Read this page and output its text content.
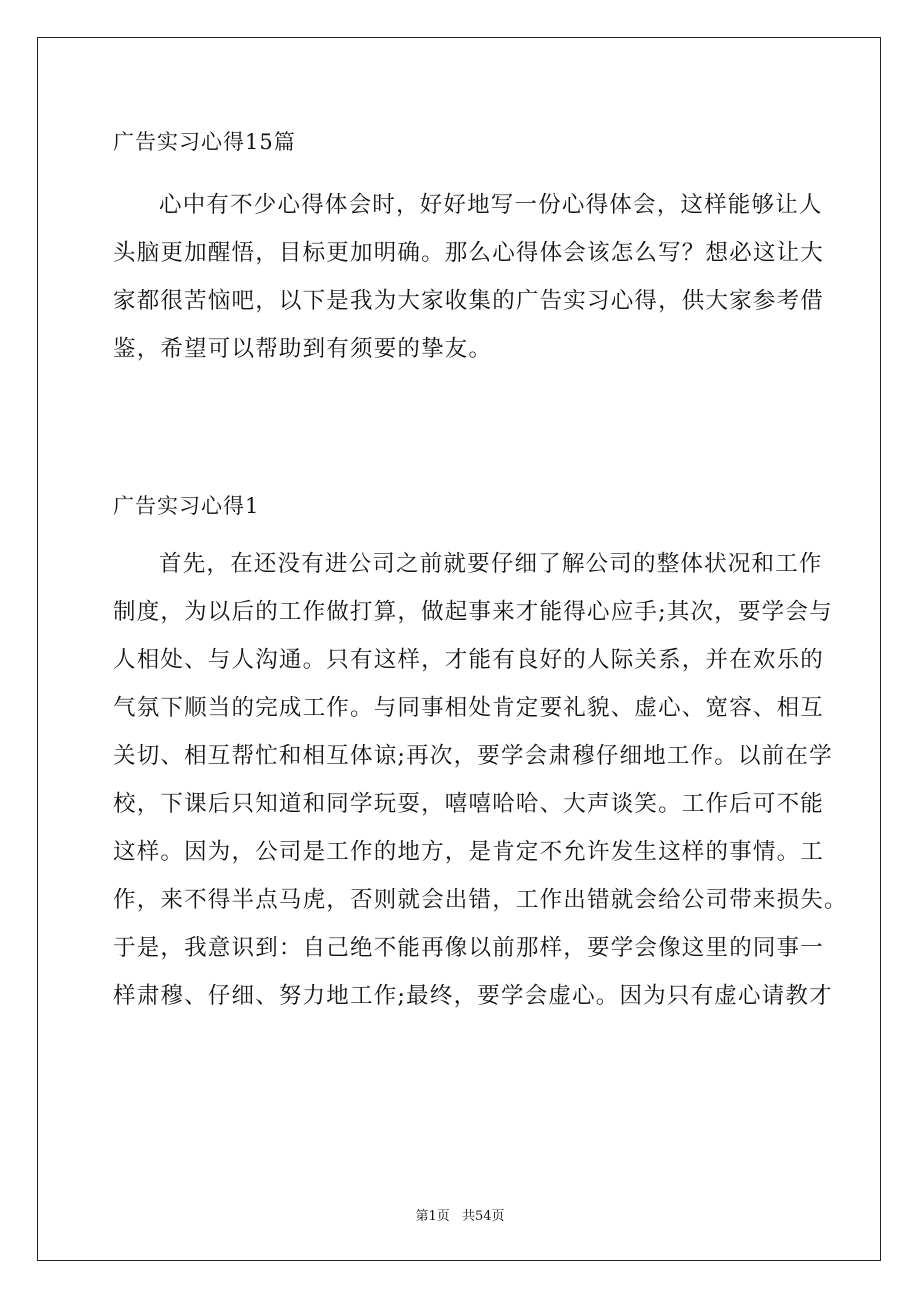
广告实习心得15篇
心中有不少心得体会时，好好地写一份心得体会，这样能够让人
头脑更加醒悟，目标更加明确。那么心得体会该怎么写？想必这让大
家都很苦恼吧，以下是我为大家收集的广告实习心得，供大家参考借
鉴，希望可以帮助到有须要的挚友。
广告实习心得1
首先，在还没有进公司之前就要仔细了解公司的整体状况和工作
制度，为以后的工作做打算，做起事来才能得心应手;其次，要学会与
人相处、与人沟通。只有这样，才能有良好的人际关系，并在欢乐的
气氛下顺当的完成工作。与同事相处肯定要礼貌、虚心、宽容、相互
关切、相互帮忙和相互体谅;再次，要学会肃穆仔细地工作。以前在学
校，下课后只知道和同学玩耍，嘻嘻哈哈、大声谈笑。工作后可不能
这样。因为，公司是工作的地方，是肯定不允许发生这样的事情。工
作，来不得半点马虎，否则就会出错，工作出错就会给公司带来损失。
于是，我意识到：自己绝不能再像以前那样，要学会像这里的同事一
样肃穆、仔细、努力地工作;最终，要学会虚心。因为只有虚心请教才
第1页 共54页
